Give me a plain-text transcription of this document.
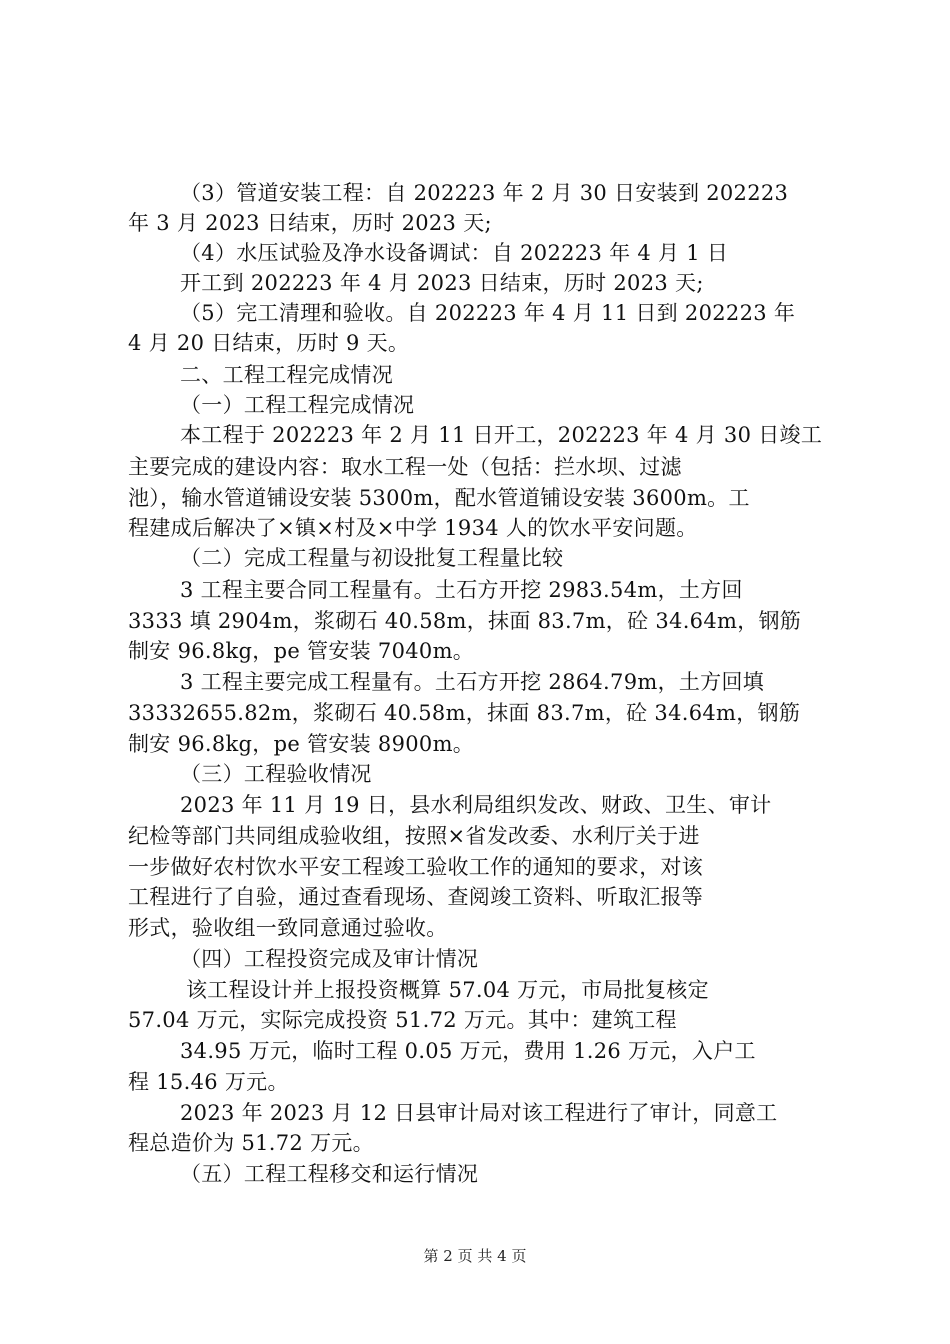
（3）管道安装工程：自 202223 年 2 月 30 日安装到 202223

年 3 月 2023 日结束，历时 2023 天;

（4）水压试验及净水设备调试：自 202223 年 4 月 1 日

开工到 202223 年 4 月 2023 日结束，历时 2023 天;

（5）完工清理和验收。自 202223 年 4 月 11 日到 202223 年

4 月 20 日结束，历时 9 天。

二、工程工程完成情况

（一）工程工程完成情况

本工程于 202223 年 2 月 11 日开工，202223 年 4 月 30 日竣工

主要完成的建设内容：取水工程一处（包括：拦水坝、过滤

池），输水管道铺设安装 5300m，配水管道铺设安装 3600m。工

程建成后解决了×镇×村及×中学 1934 人的饮水平安问题。

（二）完成工程量与初设批复工程量比较

3 工程主要合同工程量有。土石方开挖 2983.54m，土方回

3333 填 2904m，浆砌石 40.58m，抹面 83.7m，砼 34.64m，钢筋

制安 96.8kg，pe 管安装 7040m。

3 工程主要完成工程量有。土石方开挖 2864.79m，土方回填

33332655.82m，浆砌石 40.58m，抹面 83.7m，砼 34.64m，钢筋

制安 96.8kg，pe 管安装 8900m。

（三）工程验收情况

2023 年 11 月 19 日，县水利局组织发改、财政、卫生、审计

纪检等部门共同组成验收组，按照×省发改委、水利厅关于进

一步做好农村饮水平安工程竣工验收工作的通知的要求，对该

工程进行了自验，通过查看现场、查阅竣工资料、听取汇报等

形式，验收组一致同意通过验收。

（四）工程投资完成及审计情况

该工程设计并上报投资概算 57.04 万元，市局批复核定

57.04 万元，实际完成投资 51.72 万元。其中：建筑工程

34.95 万元，临时工程 0.05 万元，费用 1.26 万元，入户工

程 15.46 万元。

2023 年 2023 月 12 日县审计局对该工程进行了审计，同意工

程总造价为 51.72 万元。

（五）工程工程移交和运行情况

第 2 页 共 4 页
